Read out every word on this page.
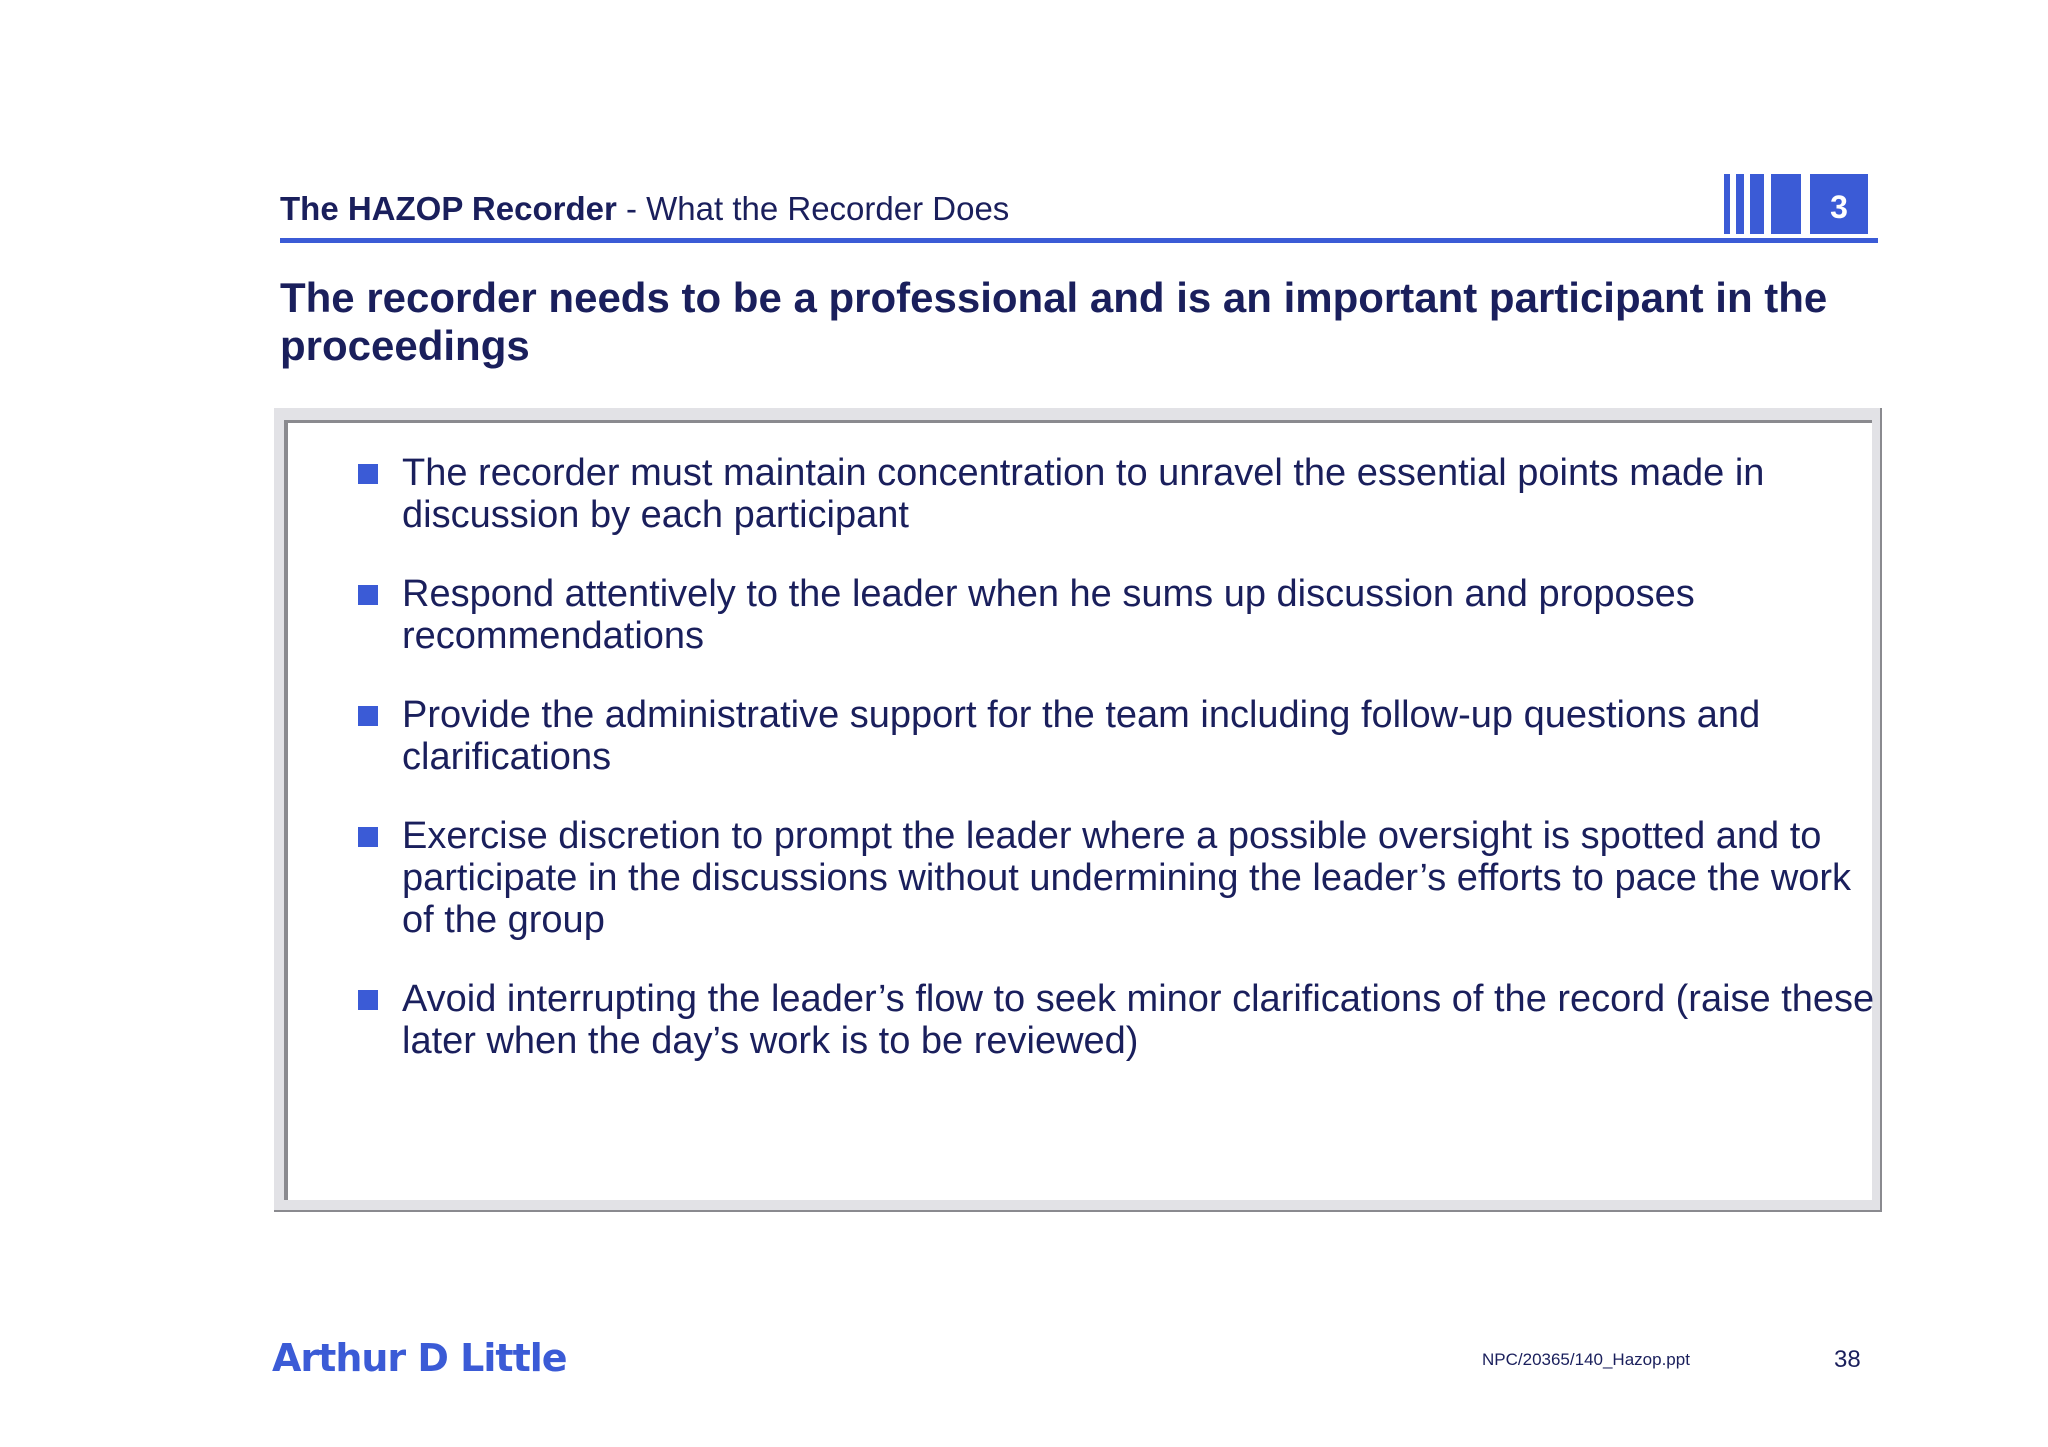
The HAZOP Recorder - What the Recorder Does	3
The recorder needs to be a professional and is an important participant in the proceedings
The recorder must maintain concentration to unravel the essential points made in discussion by each participant
Respond attentively to the leader when he sums up discussion and proposes recommendations
Provide the administrative support for the team including follow-up questions and clarifications
Exercise discretion to prompt the leader where a possible oversight is spotted and to participate in the discussions without undermining the leader’s efforts to pace the work of the group
Avoid interrupting the leader’s flow to seek minor clarifications of the record (raise these later when the day’s work is to be reviewed)
Arthur D Little	NPC/20365/140_Hazop.ppt	38
